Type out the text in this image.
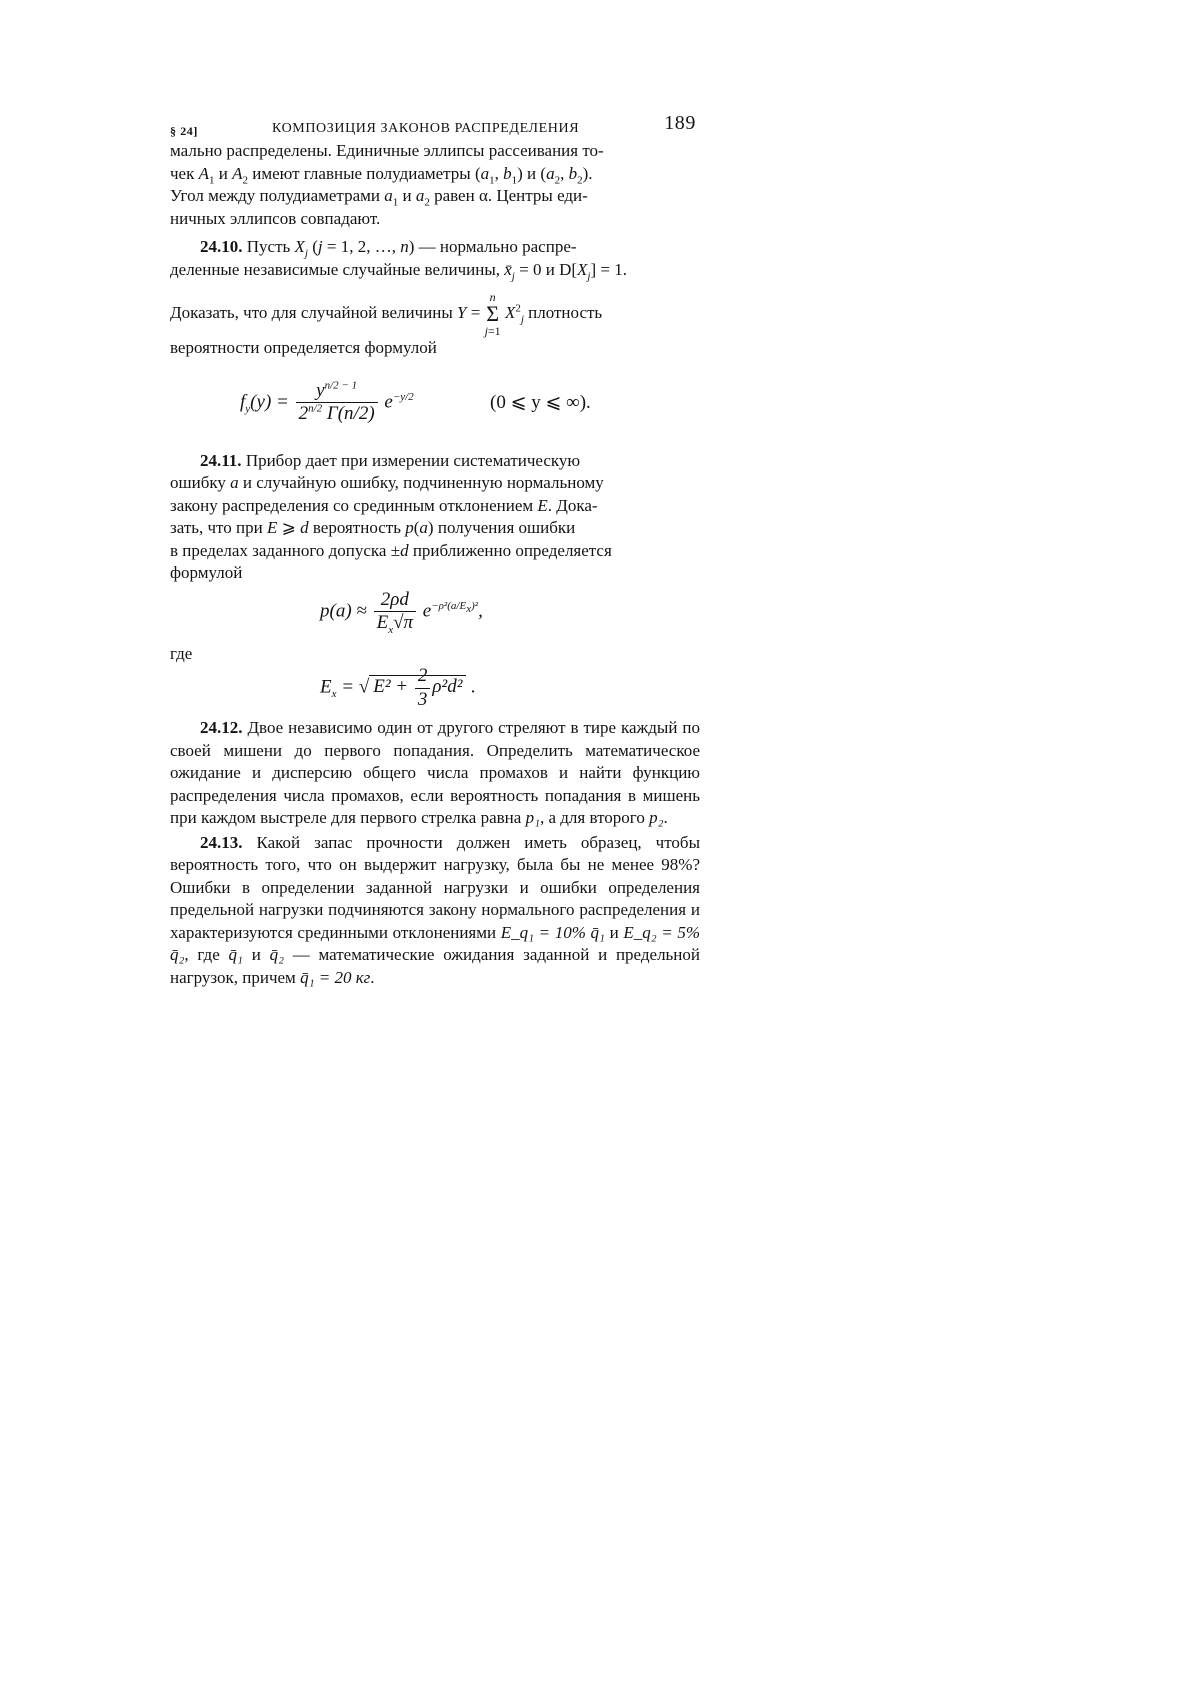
§ 24]	КОМПОЗИЦИЯ ЗАКОНОВ РАСПРЕДЕЛЕНИЯ	189

мально распределены. Единичные эллипсы рассеивания то-
чек $A_1$ и $A_2$ имеют главные полудиаметры ($a_1$, $b_1$) и ($a_2$, $b_2$).
Угол между полудиаметрами $a_1$ и $a_2$ равен α. Центры еди-
ничных эллипсов совпадают.

24.10. Пусть $X_j$ (j = 1, 2, …, n) — нормально распре-
деленные независимые случайные величины, $x̄_j = 0$ и $D[X_j] = 1$.

Доказать, что для случайной величины Y = n
Σ
j=1 $X^2_j$ плотность
вероятности определяется формулой

$f_y(y) = \frac{y^{n/2 - 1}}{2^{n/2} \Gamma(n/2)} e^{-y/2}$	(0 ⩽ y ⩽ ∞).

24.11. Прибор дает при измерении систематическую
ошибку a и случайную ошибку, подчиненную нормальному
закону распределения со срединным отклонением E. Дока-
зать, что при E ⩾ d вероятность p(a) получения ошибки
в пределах заданного допуска ±d приближенно определяется
формулой

$p(a) \approx \frac{2\rho d}{E_x√\pi} e^{-\rho^2(a/E_x)^2}$,

где

$E_x$ = √ $E^2 + \frac{2}{3} \rho^2d^2$ .

24.12. Двое независимо один от другого стреляют в тире каждый по своей мишени до первого попадания. Определить математическое ожидание и дисперсию общего числа промахов и найти функцию распределения числа промахов, если вероятность попадания в мишень при каждом выстреле для первого стрелка равна p₁, а для второго p₂.

24.13. Какой запас прочности должен иметь образец, чтобы вероятность того, что он выдержит нагрузку, была бы не менее 98%? Ошибки в определении заданной нагрузки и ошибки определения предельной нагрузки подчиняются закону нормального распределения и характеризуются срединными отклонениями E_q₁ = 10% q̄₁ и E_q₂ = 5% q̄₂, где q̄₁ и q̄₂ — математические ожидания заданной и предельной нагрузок, причем q̄₁ = 20 кг.
